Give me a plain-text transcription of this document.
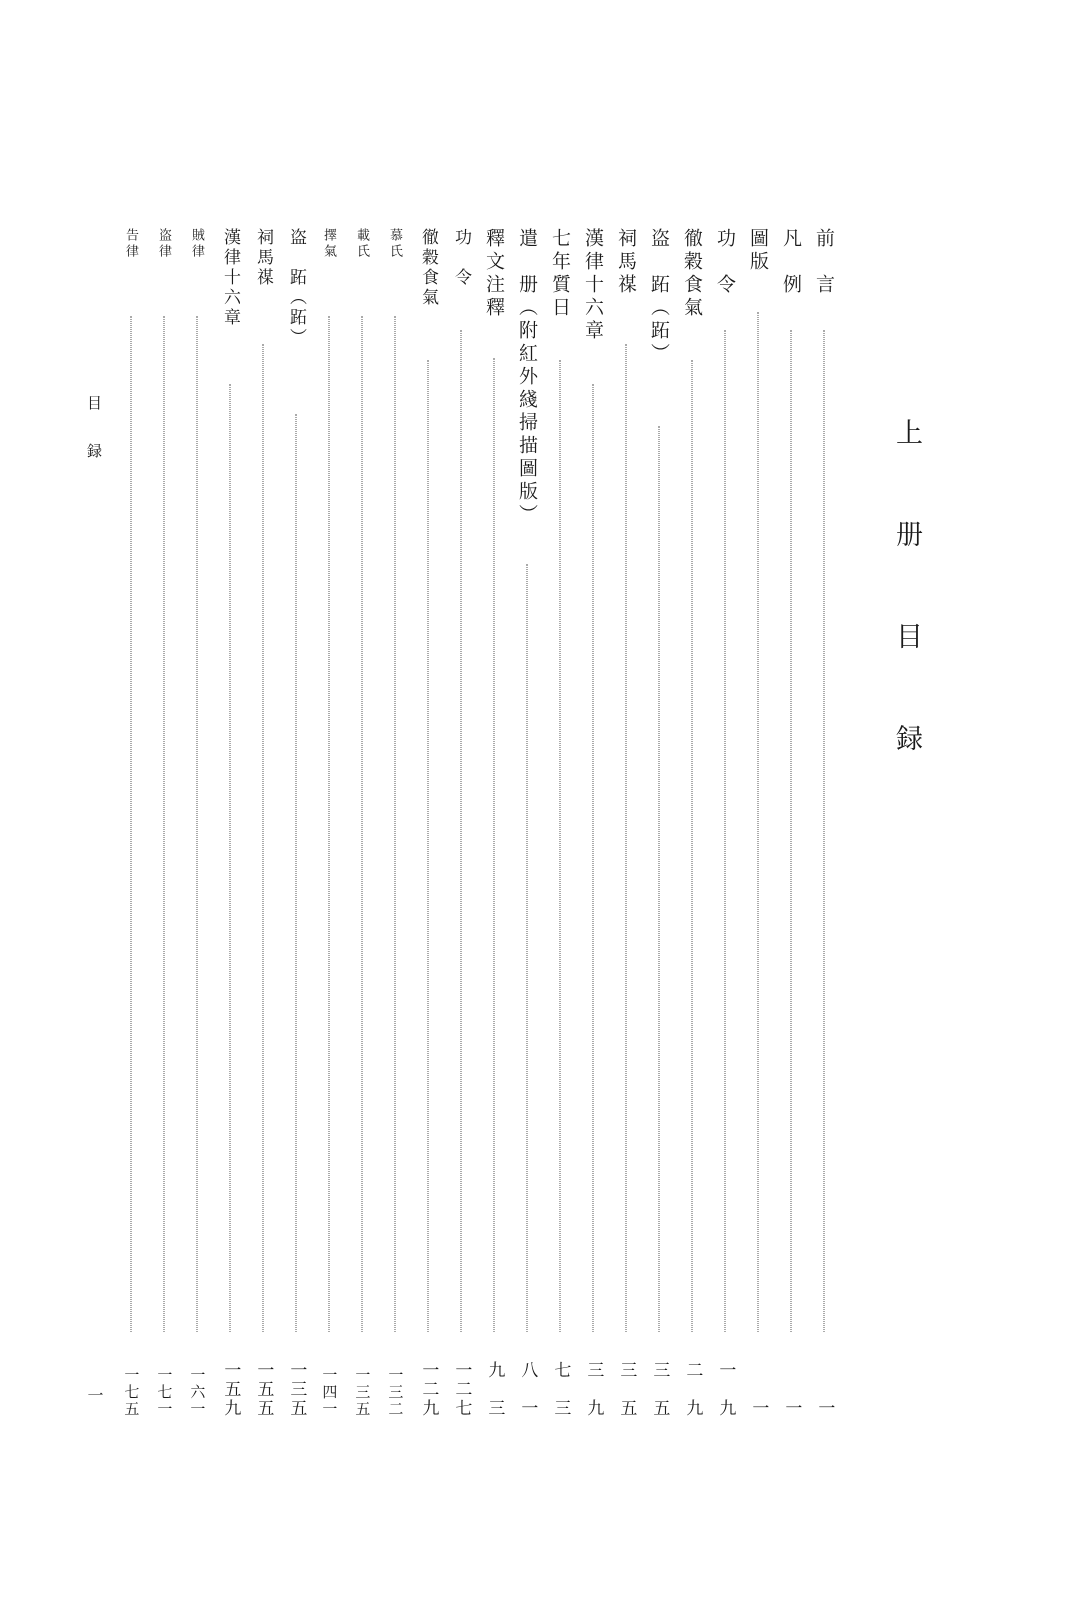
上 册 目 録
前　言
一
凡　例
一
圖版
一
功　令
一　九
徹穀食氣
二　九
盗　跖（跖）
三　五
祠馬禖
三　五
漢律十六章
三　九
七年質日
七　三
遣　册（附紅外綫掃描圖版）
八　一
釋文注釋
九　三
功　令
一二七
徹穀食氣
一二九
慕氏
一三二
載氏
一三五
擇氣
一四一
盗　跖（跖）
一三五
祠馬禖
一五五
漢律十六章
一五九
賊律
一六一
盗律
一七一
告律
一七五
目　録
一
